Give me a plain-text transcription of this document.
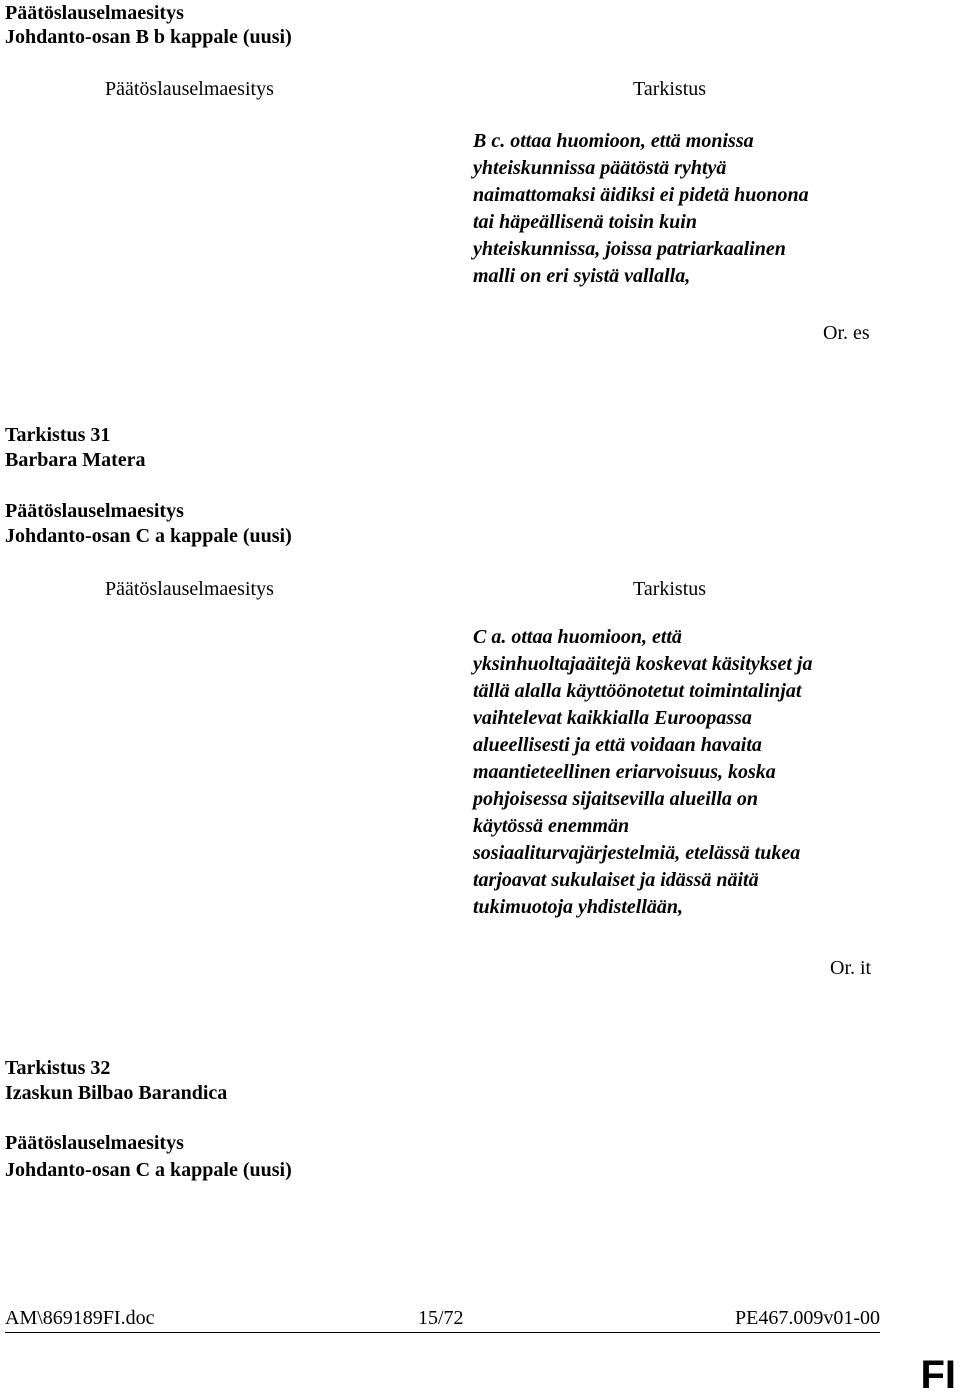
Päätöslauselmaesitys
Johdanto-osan B b kappale (uusi)
Päätöslauselmaesitys	Tarkistus
B c. ottaa huomioon, että monissa
yhteiskunnissa päätöstä ryhtyä
naimattomaksi äidiksi ei pidetä huonona
tai häpeällisenä toisin kuin
yhteiskunnissa, joissa patriarkaalinen
malli on eri syistä vallalla,
Or. es
Tarkistus 31
Barbara Matera
Päätöslauselmaesitys
Johdanto-osan C a kappale (uusi)
Päätöslauselmaesitys	Tarkistus
C a. ottaa huomioon, että
yksinhuoltajaäitejä koskevat käsitykset ja
tällä alalla käyttöönotetut toimintalinjat
vaihtelevat kaikkialla Euroopassa
alueellisesti ja että voidaan havaita
maantieteellinen eriarvoisuus, koska
pohjoisessa sijaitsevilla alueilla on
käytössä enemmän
sosiaaliturvajärjestelmiä, etelässä tukea
tarjoavat sukulaiset ja idässä näitä
tukimuotoja yhdistellään,
Or. it
Tarkistus 32
Izaskun Bilbao Barandica
Päätöslauselmaesitys
Johdanto-osan C a kappale (uusi)
AM\869189FI.doc	15/72	PE467.009v01-00
FI
